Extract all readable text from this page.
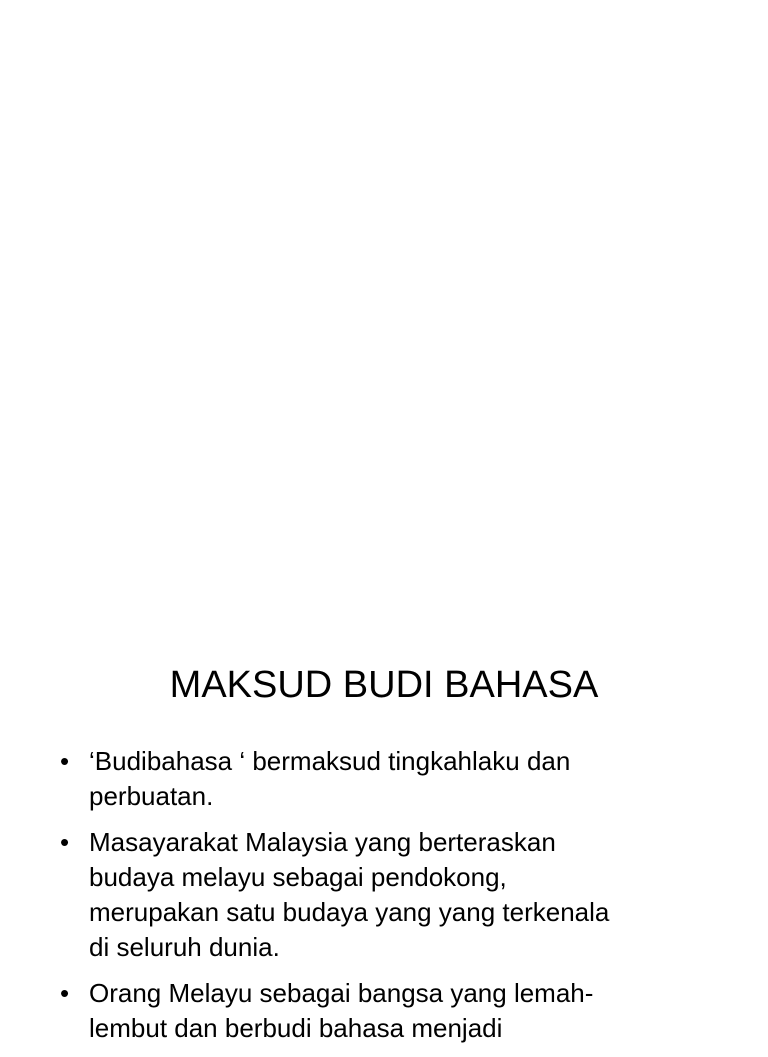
MAKSUD BUDI BAHASA
• ‘Budibahasa ‘ bermaksud tingkahlaku dan
perbuatan.
• Masayarakat Malaysia yang berteraskan
budaya melayu sebagai pendokong,
merupakan satu budaya yang yang terkenala
di seluruh dunia.
• Orang Melayu sebagai bangsa yang lemah-
lembut dan berbudi bahasa menjadi
